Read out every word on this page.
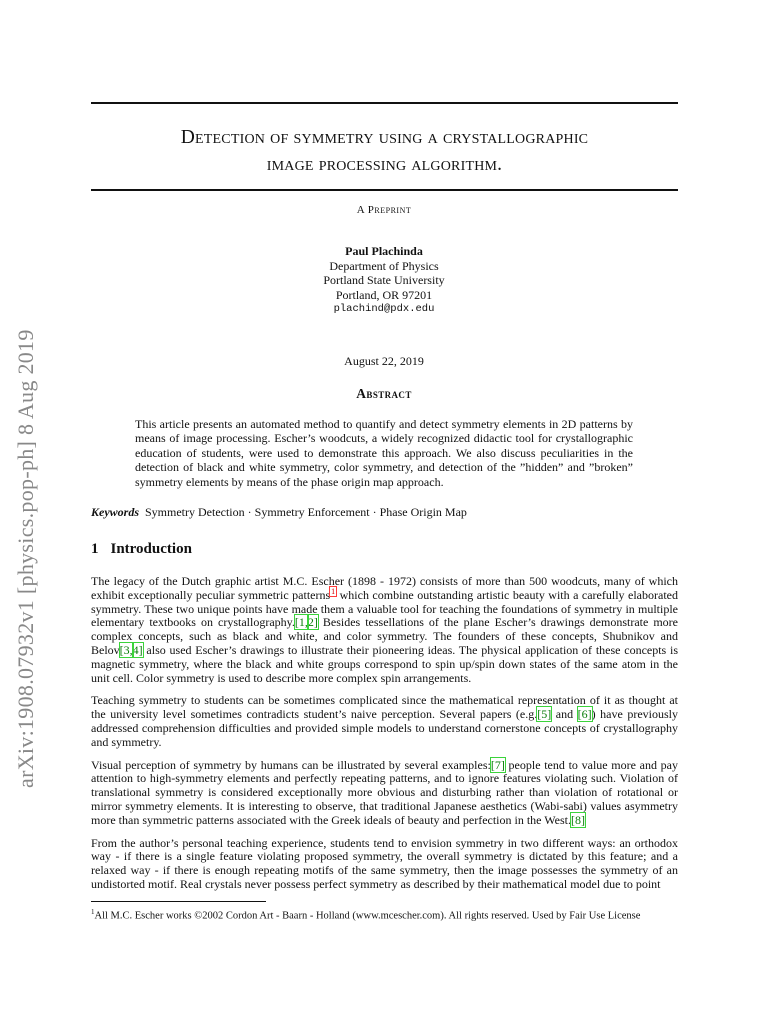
arXiv:1908.07932v1 [physics.pop-ph] 8 Aug 2019
Detection of symmetry using a crystallographic
image processing algorithm.
A Preprint
Paul Plachinda
Department of Physics
Portland State University
Portland, OR 97201
plachind@pdx.edu
August 22, 2019
Abstract
This article presents an automated method to quantify and detect symmetry elements in 2D patterns by means of image processing. Escher’s woodcuts, a widely recognized didactic tool for crystallographic education of students, were used to demonstrate this approach. We also discuss peculiarities in the detection of black and white symmetry, color symmetry, and detection of the ”hidden” and ”broken” symmetry elements by means of the phase origin map approach.
Keywords Symmetry Detection · Symmetry Enforcement · Phase Origin Map
1 Introduction

The legacy of the Dutch graphic artist M.C. Escher (1898 - 1972) consists of more than 500 woodcuts, many of which exhibit exceptionally peculiar symmetric patterns$^1$ which combine outstanding artistic beauty with a carefully elaborated symmetry. These two unique points have made them a valuable tool for teaching the foundations of symmetry in multiple elementary textbooks on crystallography.[1,2] Besides tessellations of the plane Escher’s drawings demonstrate more complex concepts, such as black and white, and color symmetry. The founders of these concepts, Shubnikov and Belov[3,4] also used Escher’s drawings to illustrate their pioneering ideas. The physical application of these concepts is magnetic symmetry, where the black and white groups correspond to spin up/spin down states of the same atom in the unit cell. Color symmetry is used to describe more complex spin arrangements.

Teaching symmetry to students can be sometimes complicated since the mathematical representation of it as thought at the university level sometimes contradicts student’s naive perception. Several papers (e.g.[5] and [6]) have previously addressed comprehension difficulties and provided simple models to understand cornerstone concepts of crystallography and symmetry.

Visual perception of symmetry by humans can be illustrated by several examples:[7] people tend to value more and pay attention to high-symmetry elements and perfectly repeating patterns, and to ignore features violating such. Violation of translational symmetry is considered exceptionally more obvious and disturbing rather than violation of rotational or mirror symmetry elements. It is interesting to observe, that traditional Japanese aesthetics (Wabi-sabi) values asymmetry more than symmetric patterns associated with the Greek ideals of beauty and perfection in the West.[8]

From the author’s personal teaching experience, students tend to envision symmetry in two different ways: an orthodox way - if there is a single feature violating proposed symmetry, the overall symmetry is dictated by this feature; and a relaxed way - if there is enough repeating motifs of the same symmetry, then the image possesses the symmetry of an undistorted motif. Real crystals never possess perfect symmetry as described by their mathematical model due to point

$^1$All M.C. Escher works ©2002 Cordon Art - Baarn - Holland (www.mcescher.com). All rights reserved. Used by Fair Use License
